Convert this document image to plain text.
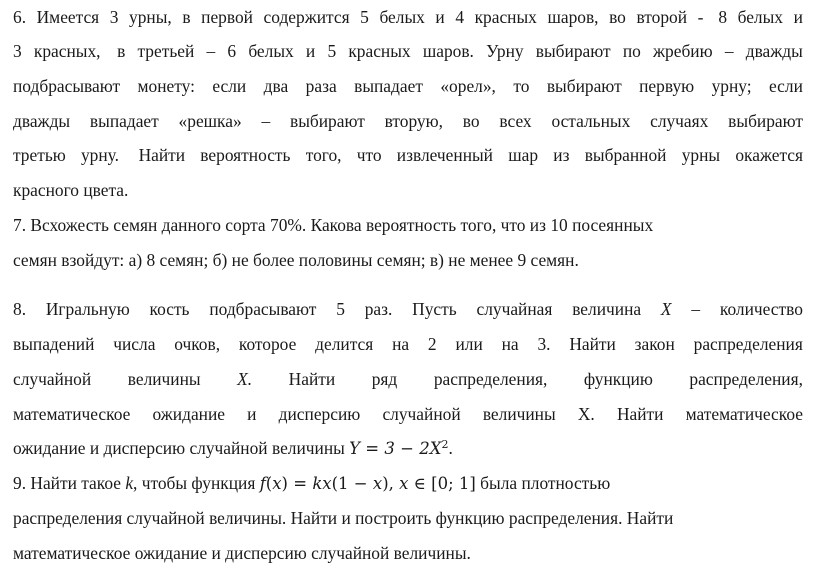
6. Имеется 3 урны, в первой содержится 5 белых и 4 красных шаров, во второй - 8 белых и
3 красных, в третьей – 6 белых и 5 красных шаров. Урну выбирают по жребию – дважды
подбрасывают монету: если два раза выпадает «орел», то выбирают первую урну; если
дважды выпадает «решка» – выбирают вторую, во всех остальных случаях выбирают
третью урну. Найти вероятность того, что извлеченный шар из выбранной урны окажется
красного цвета.
7. Всхожесть семян данного сорта 70%. Какова вероятность того, что из 10 посеянных
семян взойдут: а) 8 семян; б) не более половины семян; в) не менее 9 семян.
8. Игральную кость подбрасывают 5 раз. Пусть случайная величина X – количество
выпадений числа очков, которое делится на 2 или на 3. Найти закон распределения
случайной величины X. Найти ряд распределения, функцию распределения,
математическое ожидание и дисперсию случайной величины Х. Найти математическое
ожидание и дисперсию случайной величины $Y = 3 - 2X^2$.
9. Найти такое k, чтобы функция f(x) = kx(1 − x), x ∈ [0; 1] была плотностью
распределения случайной величины. Найти и построить функцию распределения. Найти
математическое ожидание и дисперсию случайной величины.
